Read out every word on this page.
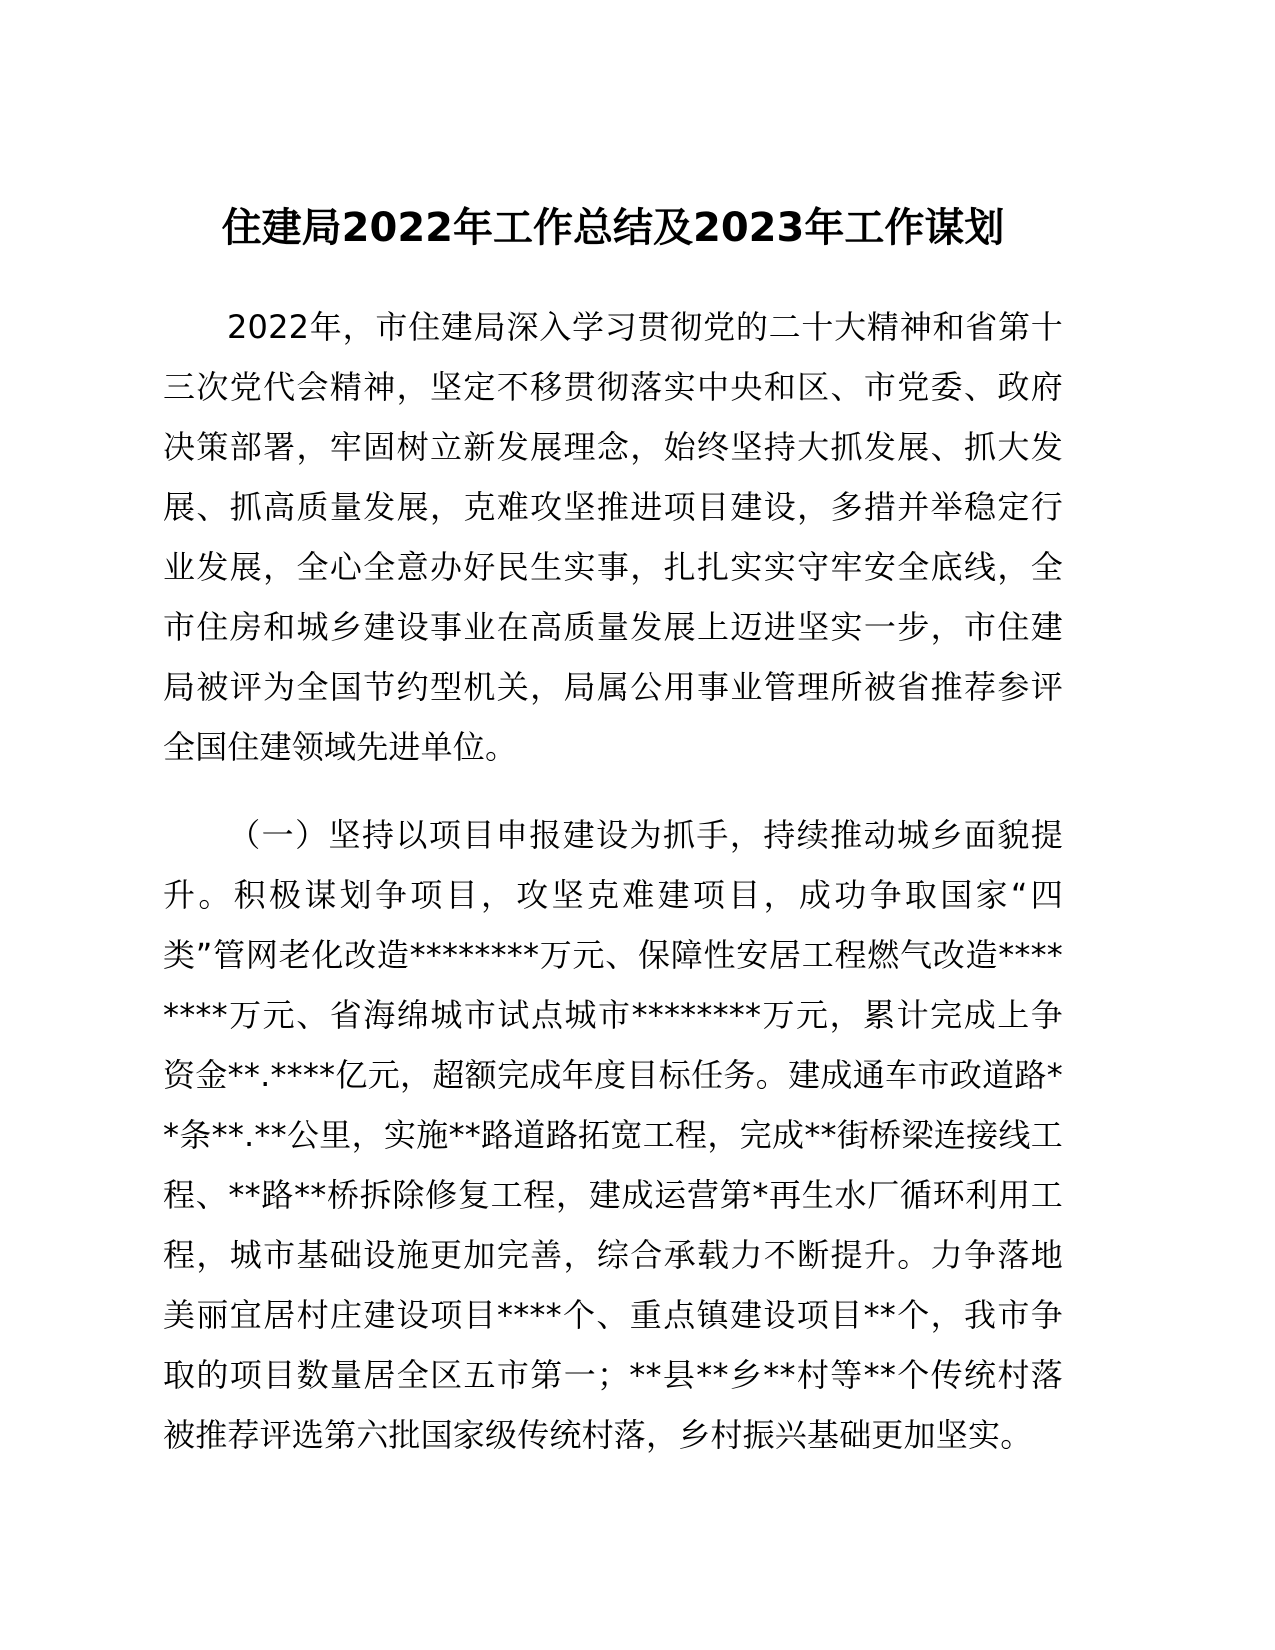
住建局2022年工作总结及2023年工作谋划

2022年，市住建局深入学习贯彻党的二十大精神和省第十三次党代会精神，坚定不移贯彻落实中央和区、市党委、政府决策部署，牢固树立新发展理念，始终坚持大抓发展、抓大发展、抓高质量发展，克难攻坚推进项目建设，多措并举稳定行业发展，全心全意办好民生实事，扎扎实实守牢安全底线，全市住房和城乡建设事业在高质量发展上迈进坚实一步，市住建局被评为全国节约型机关，局属公用事业管理所被省推荐参评全国住建领域先进单位。

（一）坚持以项目申报建设为抓手，持续推动城乡面貌提升。积极谋划争项目，攻坚克难建项目，成功争取国家“四类”管网老化改造********万元、保障性安居工程燃气改造********万元、省海绵城市试点城市********万元，累计完成上争资金**.****亿元，超额完成年度目标任务。建成通车市政道路**条**.**公里，实施**路道路拓宽工程，完成**街桥梁连接线工程、**路**桥拆除修复工程，建成运营第*再生水厂循环利用工程，城市基础设施更加完善，综合承载力不断提升。力争落地美丽宜居村庄建设项目****个、重点镇建设项目**个，我市争取的项目数量居全区五市第一；**县**乡**村等**个传统村落被推荐评选第六批国家级传统村落，乡村振兴基础更加坚实。
